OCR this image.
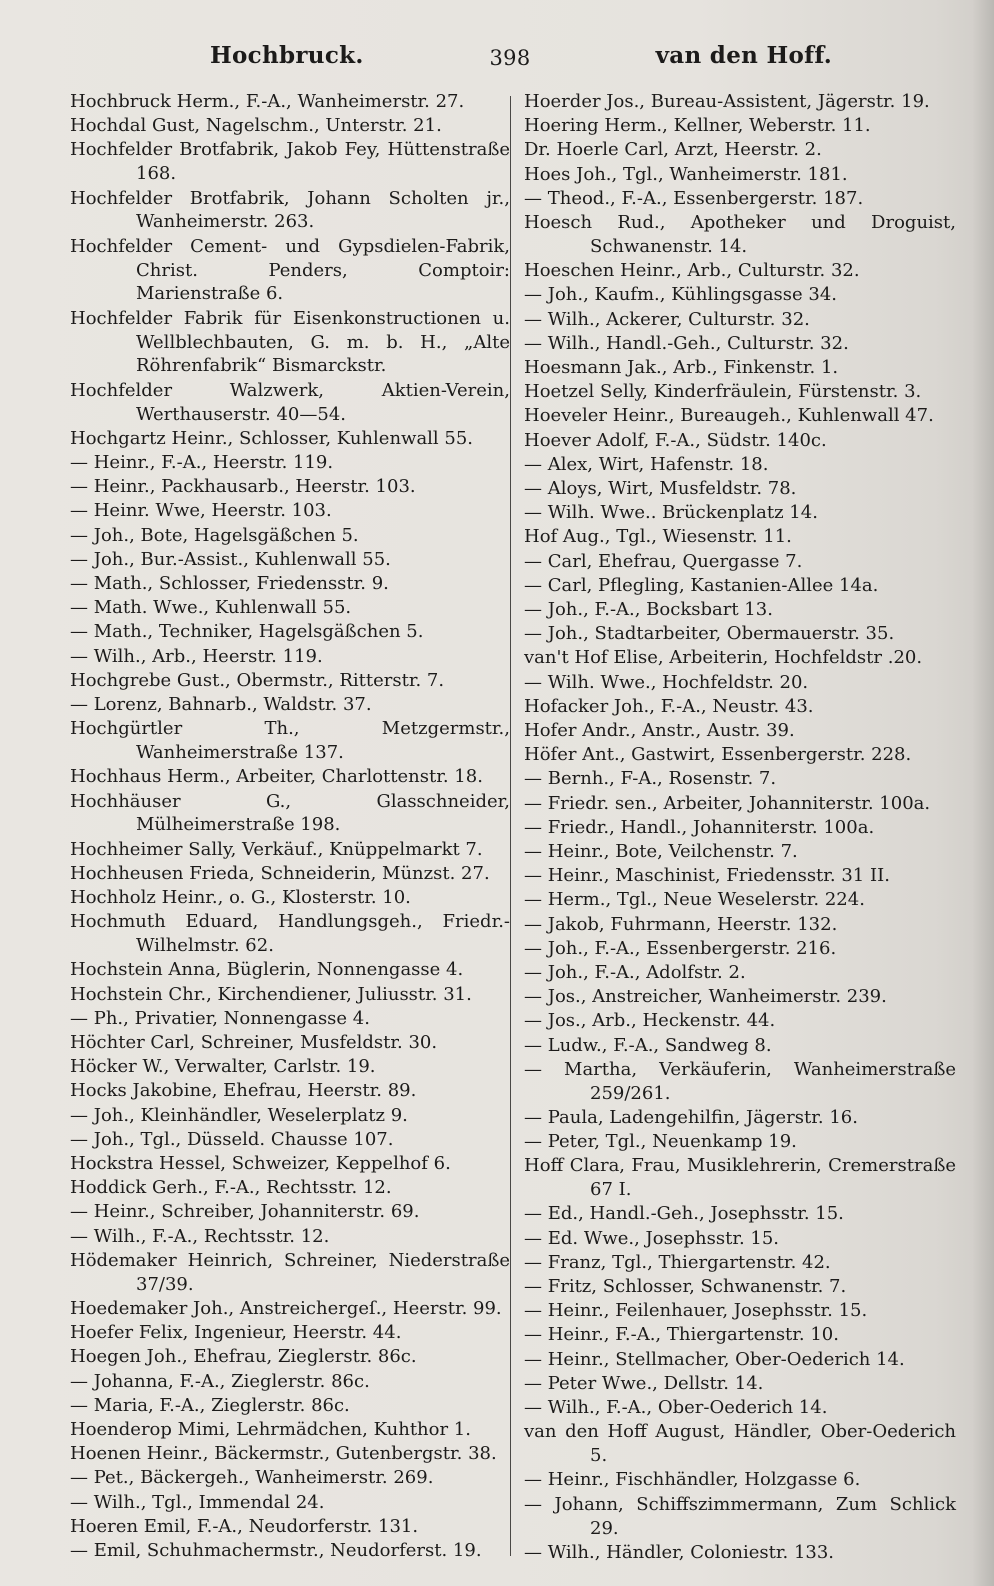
Hochbruck.	398	van den Hoff.
Hochbruck Herm., F.-A., Wanheimerstr. 27.
Hochdal Gust, Nagelschm., Unterstr. 21.
Hochfelder Brotfabrik, Jakob Fey, Hüttenstraße 168.
Hochfelder Brotfabrik, Johann Scholten jr., Wanheimerstr. 263.
Hochfelder Cement- und Gypsdielen-Fabrik, Christ. Penders, Comptoir: Marienstraße 6.
Hochfelder Fabrik für Eisenkonstructionen u. Wellblechbauten, G. m. b. H., „Alte Röhrenfabrik“ Bismarckstr.
Hochfelder Walzwerk, Aktien-Verein, Werthauserstr. 40—54.
Hochgartz Heinr., Schlosser, Kuhlenwall 55.
— Heinr., F.-A., Heerstr. 119.
— Heinr., Packhausarb., Heerstr. 103.
— Heinr. Wwe, Heerstr. 103.
— Joh., Bote, Hagelsgäßchen 5.
— Joh., Bur.-Assist., Kuhlenwall 55.
— Math., Schlosser, Friedensstr. 9.
— Math. Wwe., Kuhlenwall 55.
— Math., Techniker, Hagelsgäßchen 5.
— Wilh., Arb., Heerstr. 119.
Hochgrebe Gust., Obermstr., Ritterstr. 7.
— Lorenz, Bahnarb., Waldstr. 37.
Hochgürtler Th., Metzgermstr., Wanheimerstraße 137.
Hochhaus Herm., Arbeiter, Charlottenstr. 18.
Hochhäuser G., Glasschneider, Mülheimerstraße 198.
Hochheimer Sally, Verkäuf., Knüppelmarkt 7.
Hochheusen Frieda, Schneiderin, Münzst. 27.
Hochholz Heinr., o. G., Klosterstr. 10.
Hochmuth Eduard, Handlungsgeh., Friedr.-Wilhelmstr. 62.
Hochstein Anna, Büglerin, Nonnengasse 4.
Hochstein Chr., Kirchendiener, Juliusstr. 31.
— Ph., Privatier, Nonnengasse 4.
Höchter Carl, Schreiner, Musfeldstr. 30.
Höcker W., Verwalter, Carlstr. 19.
Hocks Jakobine, Ehefrau, Heerstr. 89.
— Joh., Kleinhändler, Weselerplatz 9.
— Joh., Tgl., Düsseld. Chausse 107.
Hockstra Hessel, Schweizer, Keppelhof 6.
Hoddick Gerh., F.-A., Rechtsstr. 12.
— Heinr., Schreiber, Johanniterstr. 69.
— Wilh., F.-A., Rechtsstr. 12.
Hödemaker Heinrich, Schreiner, Niederstraße 37/39.
Hoedemaker Joh., Anstreichergeſ., Heerstr. 99.
Hoefer Felix, Ingenieur, Heerstr. 44.
Hoegen Joh., Ehefrau, Zieglerstr. 86c.
— Johanna, F.-A., Zieglerstr. 86c.
— Maria, F.-A., Zieglerstr. 86c.
Hoenderop Mimi, Lehrmädchen, Kuhthor 1.
Hoenen Heinr., Bäckermstr., Gutenbergstr. 38.
— Pet., Bäckergeh., Wanheimerstr. 269.
— Wilh., Tgl., Immendal 24.
Hoeren Emil, F.-A., Neudorferstr. 131.
— Emil, Schuhmachermstr., Neudorferst. 19.
Hoerder Jos., Bureau-Assistent, Jägerstr. 19.
Hoering Herm., Kellner, Weberstr. 11.
Dr. Hoerle Carl, Arzt, Heerstr. 2.
Hoes Joh., Tgl., Wanheimerstr. 181.
— Theod., F.-A., Essenbergerstr. 187.
Hoesch Rud., Apotheker und Droguist, Schwanenstr. 14.
Hoeschen Heinr., Arb., Culturstr. 32.
— Joh., Kaufm., Kühlingsgasse 34.
— Wilh., Ackerer, Culturstr. 32.
— Wilh., Handl.-Geh., Culturstr. 32.
Hoesmann Jak., Arb., Finkenstr. 1.
Hoetzel Selly, Kinderfräulein, Fürstenstr. 3.
Hoeveler Heinr., Bureaugeh., Kuhlenwall 47.
Hoever Adolf, F.-A., Südstr. 140c.
— Alex, Wirt, Hafenstr. 18.
— Aloys, Wirt, Musfeldstr. 78.
— Wilh. Wwe.. Brückenplatz 14.
Hof Aug., Tgl., Wiesenstr. 11.
— Carl, Ehefrau, Quergasse 7.
— Carl, Pflegling, Kastanien-Allee 14a.
— Joh., F.-A., Bocksbart 13.
— Joh., Stadtarbeiter, Obermauerstr. 35.
van't Hof Elise, Arbeiterin, Hochfeldstr .20.
— Wilh. Wwe., Hochfeldstr. 20.
Hofacker Joh., F.-A., Neustr. 43.
Hofer Andr., Anstr., Austr. 39.
Höfer Ant., Gastwirt, Essenbergerstr. 228.
— Bernh., F-A., Rosenstr. 7.
— Friedr. sen., Arbeiter, Johanniterstr. 100a.
— Friedr., Handl., Johanniterstr. 100a.
— Heinr., Bote, Veilchenstr. 7.
— Heinr., Maschinist, Friedensstr. 31 II.
— Herm., Tgl., Neue Weselerstr. 224.
— Jakob, Fuhrmann, Heerstr. 132.
— Joh., F.-A., Essenbergerstr. 216.
— Joh., F.-A., Adolfstr. 2.
— Jos., Anstreicher, Wanheimerstr. 239.
— Jos., Arb., Heckenstr. 44.
— Ludw., F.-A., Sandweg 8.
— Martha, Verkäuferin, Wanheimerstraße 259/261.
— Paula, Ladengehilfin, Jägerstr. 16.
— Peter, Tgl., Neuenkamp 19.
Hoff Clara, Frau, Musiklehrerin, Cremerstraße 67 I.
— Ed., Handl.-Geh., Josephsstr. 15.
— Ed. Wwe., Josephsstr. 15.
— Franz, Tgl., Thiergartenstr. 42.
— Fritz, Schlosser, Schwanenstr. 7.
— Heinr., Feilenhauer, Josephsstr. 15.
— Heinr., F.-A., Thiergartenstr. 10.
— Heinr., Stellmacher, Ober-Oederich 14.
— Peter Wwe., Dellstr. 14.
— Wilh., F.-A., Ober-Oederich 14.
van den Hoff August, Händler, Ober-Oederich 5.
— Heinr., Fischhändler, Holzgasse 6.
— Johann, Schiffszimmermann, Zum Schlick 29.
— Wilh., Händler, Coloniestr. 133.
